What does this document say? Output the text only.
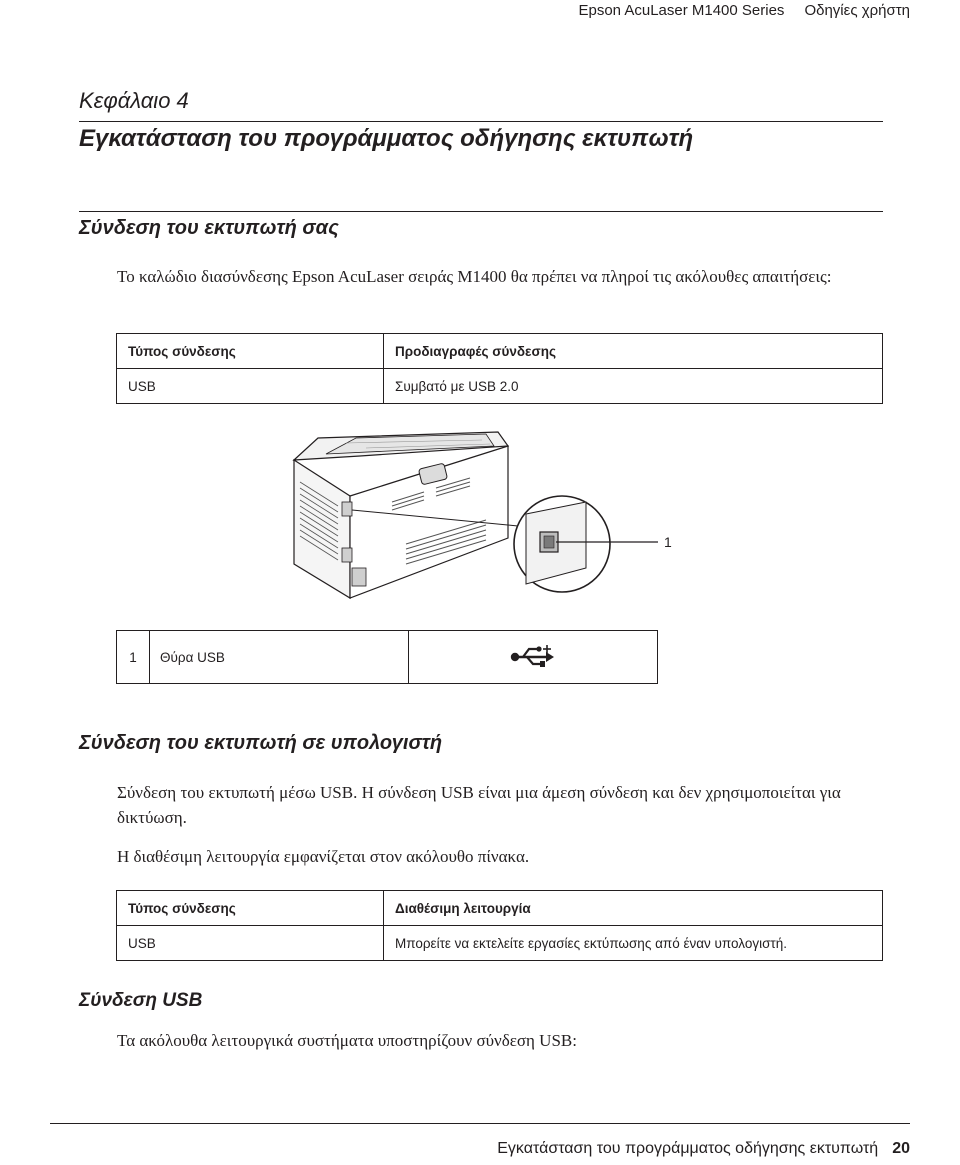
Epson AcuLaser M1400 Series Οδηγίες χρήστη
Κεφάλαιο 4
Εγκατάσταση του προγράμματος οδήγησης εκτυπωτή
Σύνδεση του εκτυπωτή σας
Το καλώδιο διασύνδεσης Epson AcuLaser σειράς M1400 θα πρέπει να πληροί τις ακόλουθες απαιτήσεις:
Τύπος σύνδεσης	Προδιαγραφές σύνδεσης
USB	Συμβατό με USB 2.0
1
1	Θύρα USB	
Σύνδεση του εκτυπωτή σε υπολογιστή
Σύνδεση του εκτυπωτή μέσω USB. Η σύνδεση USB είναι μια άμεση σύνδεση και δεν χρησιμοποιείται για δικτύωση.
Η διαθέσιμη λειτουργία εμφανίζεται στον ακόλουθο πίνακα.
Τύπος σύνδεσης	Διαθέσιμη λειτουργία
USB	Μπορείτε να εκτελείτε εργασίες εκτύπωσης από έναν υπολογιστή.
Σύνδεση USB
Τα ακόλουθα λειτουργικά συστήματα υποστηρίζουν σύνδεση USB:
Εγκατάσταση του προγράμματος οδήγησης εκτυπωτή 20
